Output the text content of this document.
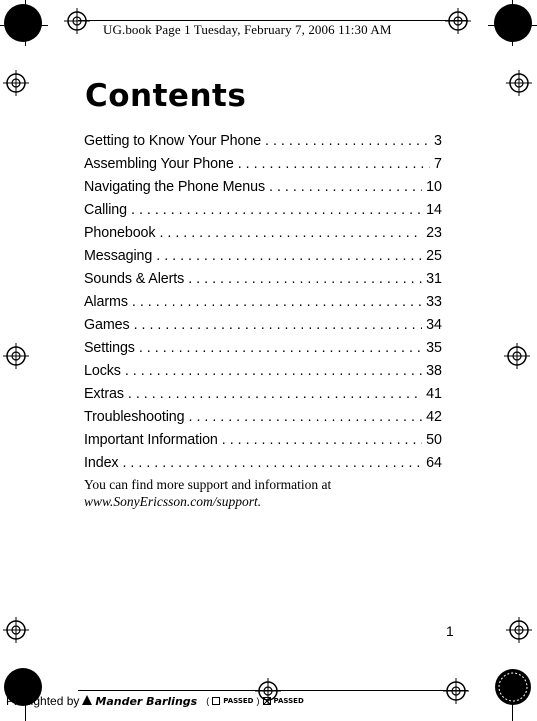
UG.book Page 1 Tuesday, February 7, 2006 11:30 AM
Contents
Getting to Know Your Phone . . .	3
Assembling Your Phone . . .	7
Navigating the Phone Menus . . .	10
Calling . . .	14
Phonebook . . .	23
Messaging . . .	25
Sounds & Alerts . . .	31
Alarms . . .	33
Games . . .	34
Settings . . .	35
Locks . . .	38
Extras . . .	41
Troubleshooting . . .	42
Important Information . . .	50
Index . . .	64

You can find more support and information at
www.SonyEricsson.com/support.

1
Preflighted by Mander Barlings ( PASSED ) PASSED
